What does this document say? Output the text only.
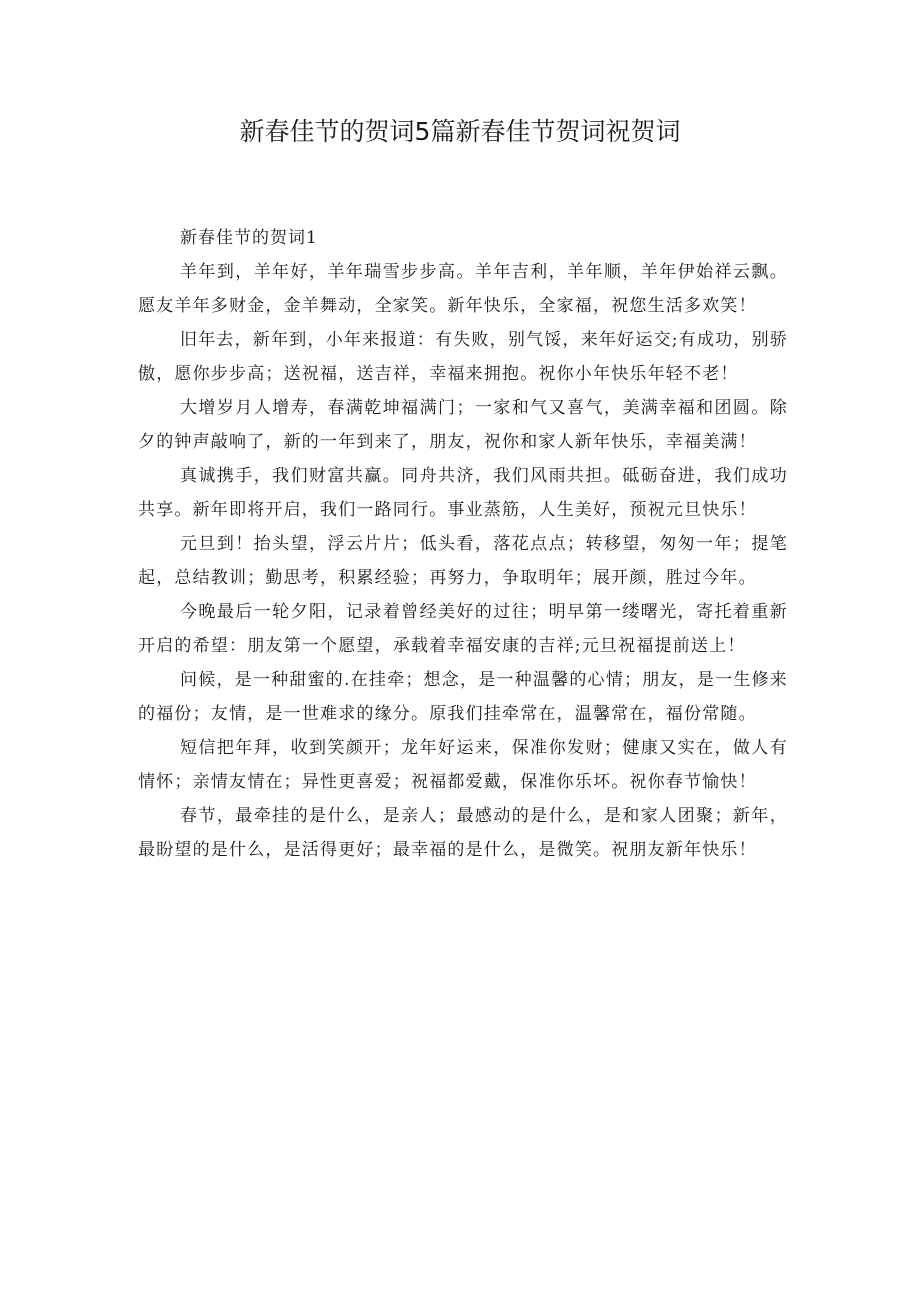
新春佳节的贺词5篇新春佳节贺词祝贺词

新春佳节的贺词1

羊年到，羊年好，羊年瑞雪步步高。羊年吉利，羊年顺，羊年伊始祥云飘。愿友羊年多财金，金羊舞动，全家笑。新年快乐，全家福，祝您生活多欢笑！

旧年去，新年到，小年来报道：有失败，别气馁，来年好运交;有成功，别骄傲，愿你步步高；送祝福，送吉祥，幸福来拥抱。祝你小年快乐年轻不老！

大增岁月人增寿，春满乾坤福满门；一家和气又喜气，美满幸福和团圆。除夕的钟声敲响了，新的一年到来了，朋友，祝你和家人新年快乐，幸福美满！

真诚携手，我们财富共赢。同舟共济，我们风雨共担。砥砺奋进，我们成功共享。新年即将开启，我们一路同行。事业蒸筋，人生美好，预祝元旦快乐！

元旦到！抬头望，浮云片片；低头看，落花点点；转移望，匆匆一年；提笔起，总结教训；勤思考，积累经验；再努力，争取明年；展开颜，胜过今年。

今晚最后一轮夕阳，记录着曾经美好的过往；明早第一缕曙光，寄托着重新开启的希望：朋友第一个愿望，承载着幸福安康的吉祥;元旦祝福提前送上！

问候，是一种甜蜜的.在挂牵；想念，是一种温馨的心情；朋友，是一生修来的福份；友情，是一世难求的缘分。原我们挂牵常在，温馨常在，福份常随。

短信把年拜，收到笑颜开；龙年好运来，保准你发财；健康又实在，做人有情怀；亲情友情在；异性更喜爱；祝福都爱戴，保准你乐坏。祝你春节愉快！

春节，最牵挂的是什么，是亲人；最感动的是什么，是和家人团聚；新年，最盼望的是什么，是活得更好；最幸福的是什么，是微笑。祝朋友新年快乐！
